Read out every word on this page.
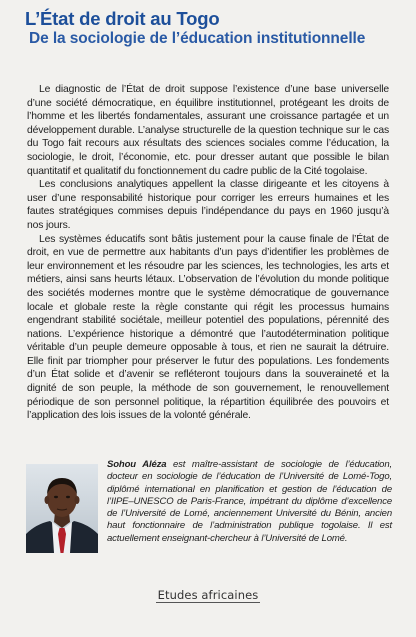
L’État de droit au Togo
De la sociologie de l’éducation institutionnelle

Le diagnostic de l’État de droit suppose l’existence d’une base universelle d’une société démocratique, en équilibre institutionnel, protégeant les droits de l’homme et les libertés fondamentales, assurant une croissance partagée et un développement durable. L’analyse structurelle de la question technique sur le cas du Togo fait recours aux résultats des sciences sociales comme l’éducation, la sociologie, le droit, l’économie, etc. pour dresser autant que possible le bilan quantitatif et qualitatif du fonctionnement du cadre public de la Cité togolaise.

Les conclusions analytiques appellent la classe dirigeante et les citoyens à user d’une responsabilité historique pour corriger les erreurs humaines et les fautes stratégiques commises depuis l’indépendance du pays en 1960 jusqu’à nos jours.

Les systèmes éducatifs sont bâtis justement pour la cause finale de l’État de droit, en vue de permettre aux habitants d’un pays d’identifier les problèmes de leur environnement et les résoudre par les sciences, les technologies, les arts et métiers, ainsi sans heurts létaux. L’observation de l’évolution du monde politique des sociétés modernes montre que le système démocratique de gouvernance locale et globale reste la règle constante qui régit les processus humains engendrant stabilité sociétale, meilleur potentiel des populations, pérennité des nations. L’expérience historique a démontré que l’autodétermination politique véritable d’un peuple demeure opposable à tous, et rien ne saurait la détruire. Elle finit par triompher pour préserver le futur des populations. Les fondements d’un État solide et d’avenir se refléteront toujours dans la souveraineté et la dignité de son peuple, la méthode de son gouvernement, le renouvellement périodique de son personnel politique, la répartition équilibrée des pouvoirs et l’application des lois issues de la volonté générale.

Sohou Aléza est maître-assistant de sociologie de l’éducation, docteur en sociologie de l’éducation de l’Université de Lomé-Togo, diplômé international en planification et gestion de l’éducation de l’IIPE–UNESCO de Paris-France, impétrant du diplôme d’excellence de l’Université de Lomé, anciennement Université du Bénin, ancien haut fonctionnaire de l’administration publique togolaise. Il est actuellement enseignant-chercheur à l’Université de Lomé.
Etudes africaines
